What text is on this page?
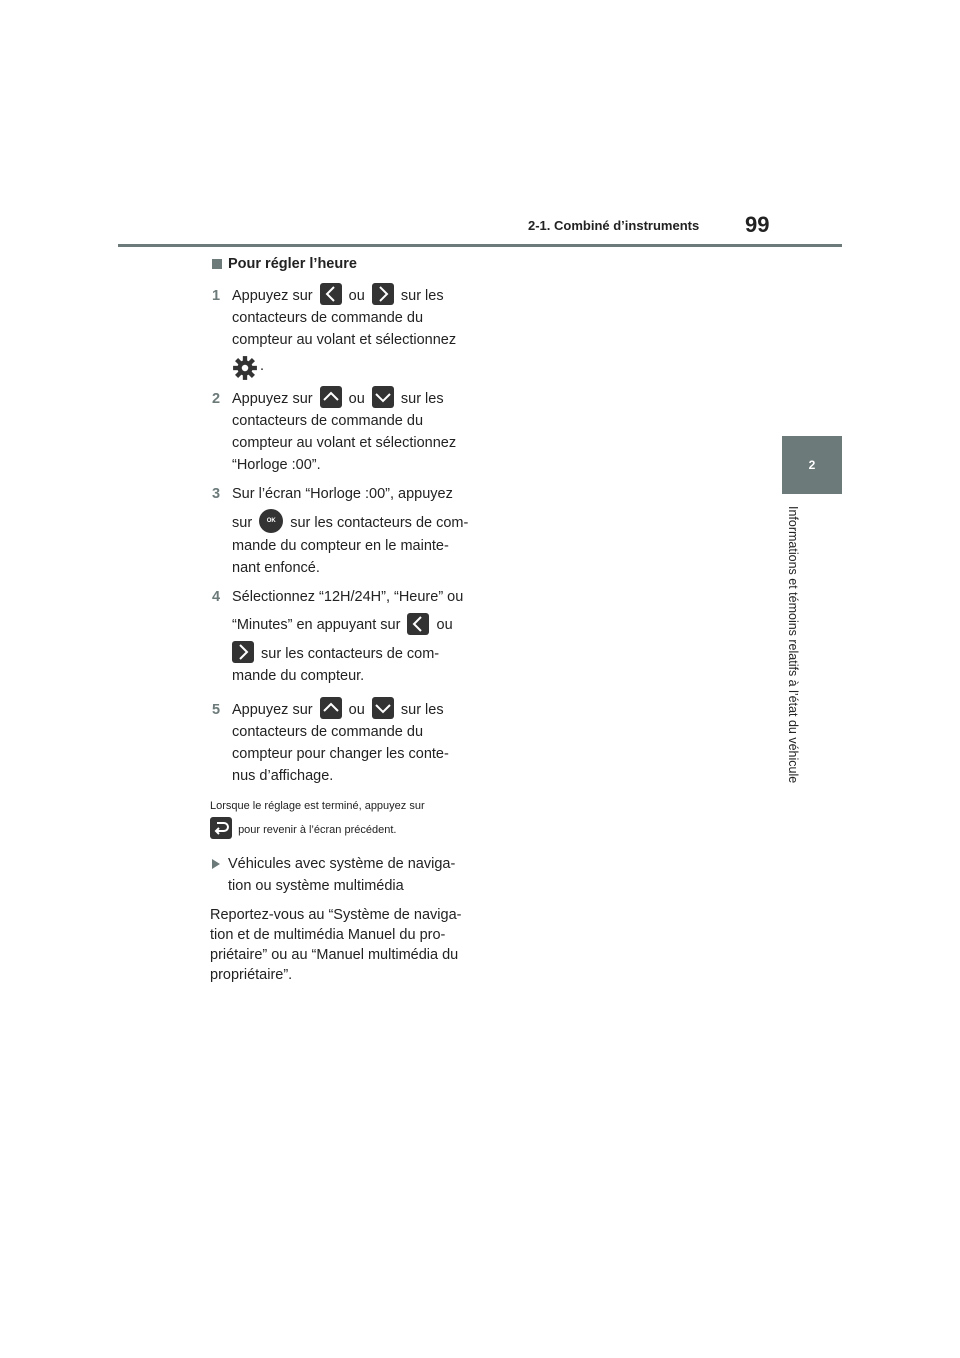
2-1. Combiné d’instruments 99
2
Informations et témoins relatifs à l’état du véhicule
Pour régler l’heure
1 Appuyez sur ou sur les
contacteurs de commande du
compteur au volant et sélectionnez
.
2 Appuyez sur ou sur les
contacteurs de commande du
compteur au volant et sélectionnez
“Horloge :00”.
3 Sur l’écran “Horloge :00”, appuyez
sur OK sur les contacteurs de com-
mande du compteur en le mainte-
nant enfoncé.
4 Sélectionnez “12H/24H”, “Heure” ou
“Minutes” en appuyant sur ou
sur les contacteurs de com-
mande du compteur.
5 Appuyez sur ou sur les
contacteurs de commande du
compteur pour changer les conte-
nus d’affichage.
Lorsque le réglage est terminé, appuyez sur
pour revenir à l’écran précédent.
Véhicules avec système de naviga-
tion ou système multimédia
Reportez-vous au “Système de naviga-
tion et de multimédia Manuel du pro-
priétaire” ou au “Manuel multimédia du
propriétaire”.
